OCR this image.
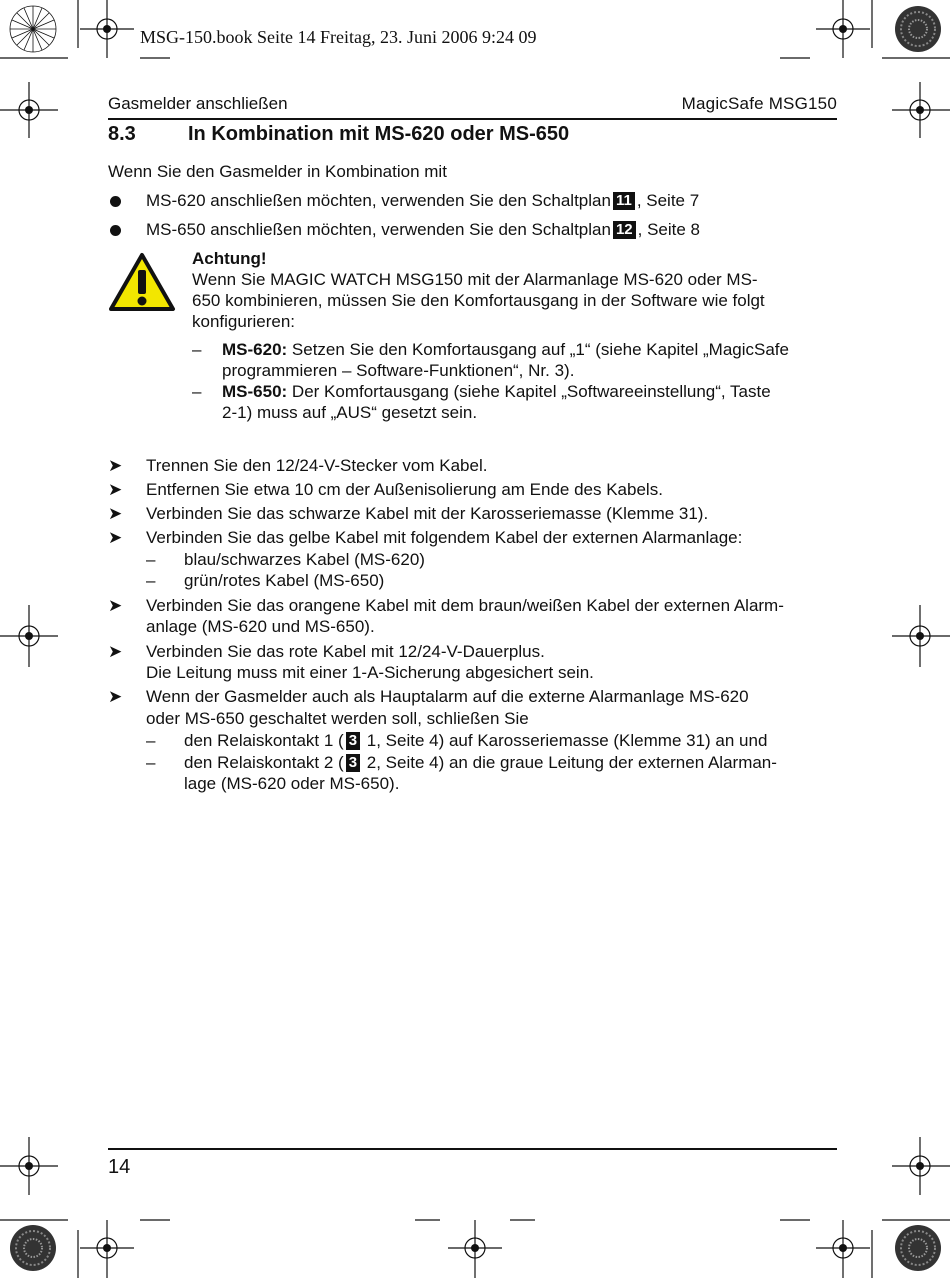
MSG-150.book Seite 14 Freitag, 23. Juni 2006 9:24 09
Gasmelder anschließen	MagicSafe MSG150
8.3	In Kombination mit MS-620 oder MS-650
Wenn Sie den Gasmelder in Kombination mit
MS-620 anschließen möchten, verwenden Sie den Schaltplan 11 , Seite 7
MS-650 anschließen möchten, verwenden Sie den Schaltplan 12 , Seite 8
Achtung!
Wenn Sie MAGIC WATCH MSG150 mit der Alarmanlage MS-620 oder MS-
650 kombinieren, müssen Sie den Komfortausgang in der Software wie folgt
konfigurieren:
– MS-620: Setzen Sie den Komfortausgang auf „1“ (siehe Kapitel „MagicSafe
programmieren – Software-Funktionen“, Nr. 3).
– MS-650: Der Komfortausgang (siehe Kapitel „Softwareeinstellung“, Taste
2-1) muss auf „AUS“ gesetzt sein.
➤ Trennen Sie den 12/24-V-Stecker vom Kabel.
➤ Entfernen Sie etwa 10 cm der Außenisolierung am Ende des Kabels.
➤ Verbinden Sie das schwarze Kabel mit der Karosseriemasse (Klemme 31).
➤ Verbinden Sie das gelbe Kabel mit folgendem Kabel der externen Alarmanlage:
– blau/schwarzes Kabel (MS-620)
– grün/rotes Kabel (MS-650)
➤ Verbinden Sie das orangene Kabel mit dem braun/weißen Kabel der externen Alarm-
anlage (MS-620 und MS-650).
➤ Verbinden Sie das rote Kabel mit 12/24-V-Dauerplus.
Die Leitung muss mit einer 1-A-Sicherung abgesichert sein.
➤ Wenn der Gasmelder auch als Hauptalarm auf die externe Alarmanlage MS-620
oder MS-650 geschaltet werden soll, schließen Sie
– den Relaiskontakt 1 ( 3 1, Seite 4) auf Karosseriemasse (Klemme 31) an und
– den Relaiskontakt 2 ( 3 2, Seite 4) an die graue Leitung der externen Alarman-
lage (MS-620 oder MS-650).
14
